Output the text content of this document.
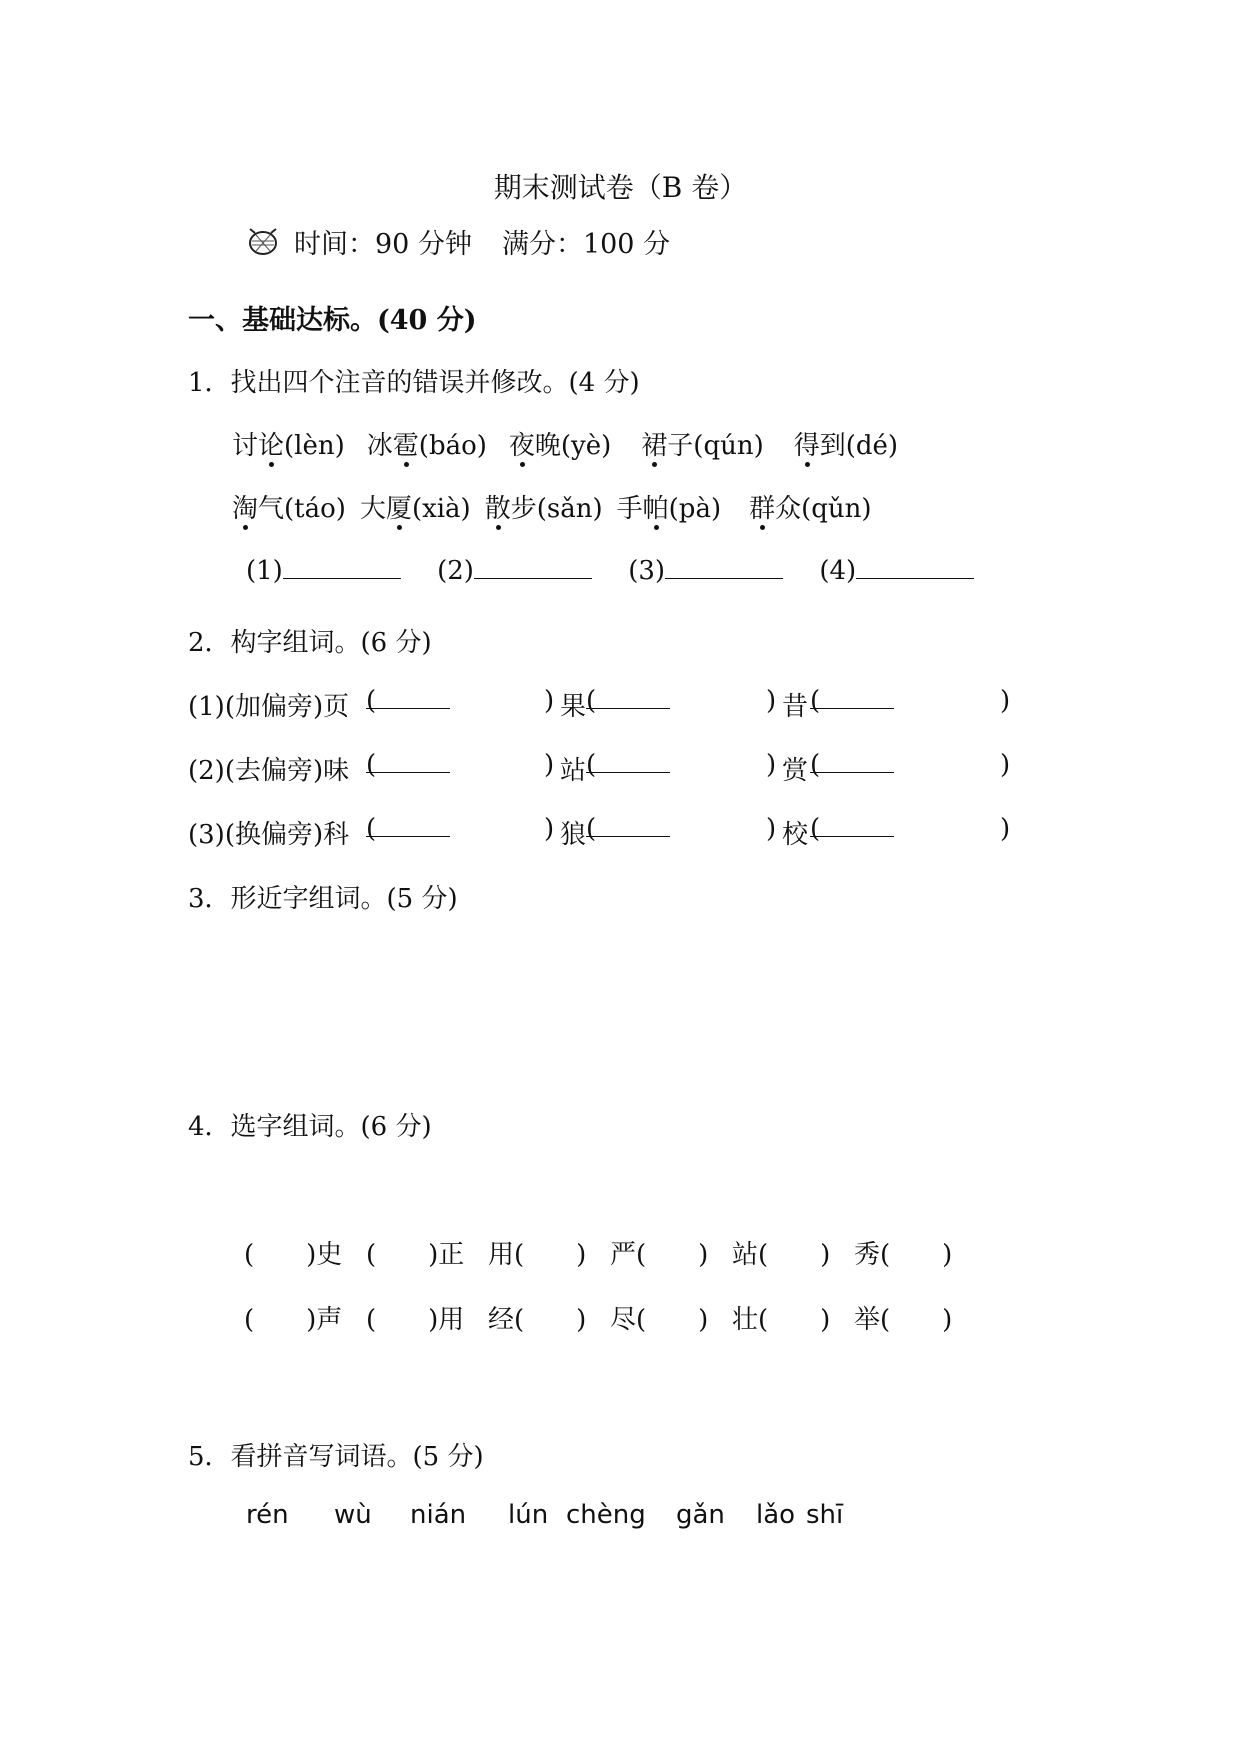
期末测试卷（B 卷）
时间：90 分钟 满分：100 分
一、基础达标。(40 分)
1．找出四个注音的错误并修改。(4 分)
讨论
(lèn) 冰雹
(báo) 夜
晚(yè) 裙
子(qún) 得
到(dé)
淘
气(táo) 大厦
(xià) 散
步(sǎn) 手帕
(pà) 群
众(qǔn)
(1)	(2)	(3)	(4)
2．构字组词。(6 分)
(1)(加偏旁)页 (	) 果 (	) 昔 (	)
(2)(去偏旁)味 (	) 站 (	) 赏 (	)
(3)(换偏旁)科 (	) 狼 (	) 校 (	)
3．形近字组词。(5 分)
4．选字组词。(6 分)
(　　)史 (　　)正 用(　　) 严(　　) 站(　　) 秀(　　)
(　　)声 (　　)用 经(　　) 尽(　　) 壮(　　) 举(　　)
5．看拼音写词语。(5 分)
rén wù nián lún chèng gǎn lǎo shī
